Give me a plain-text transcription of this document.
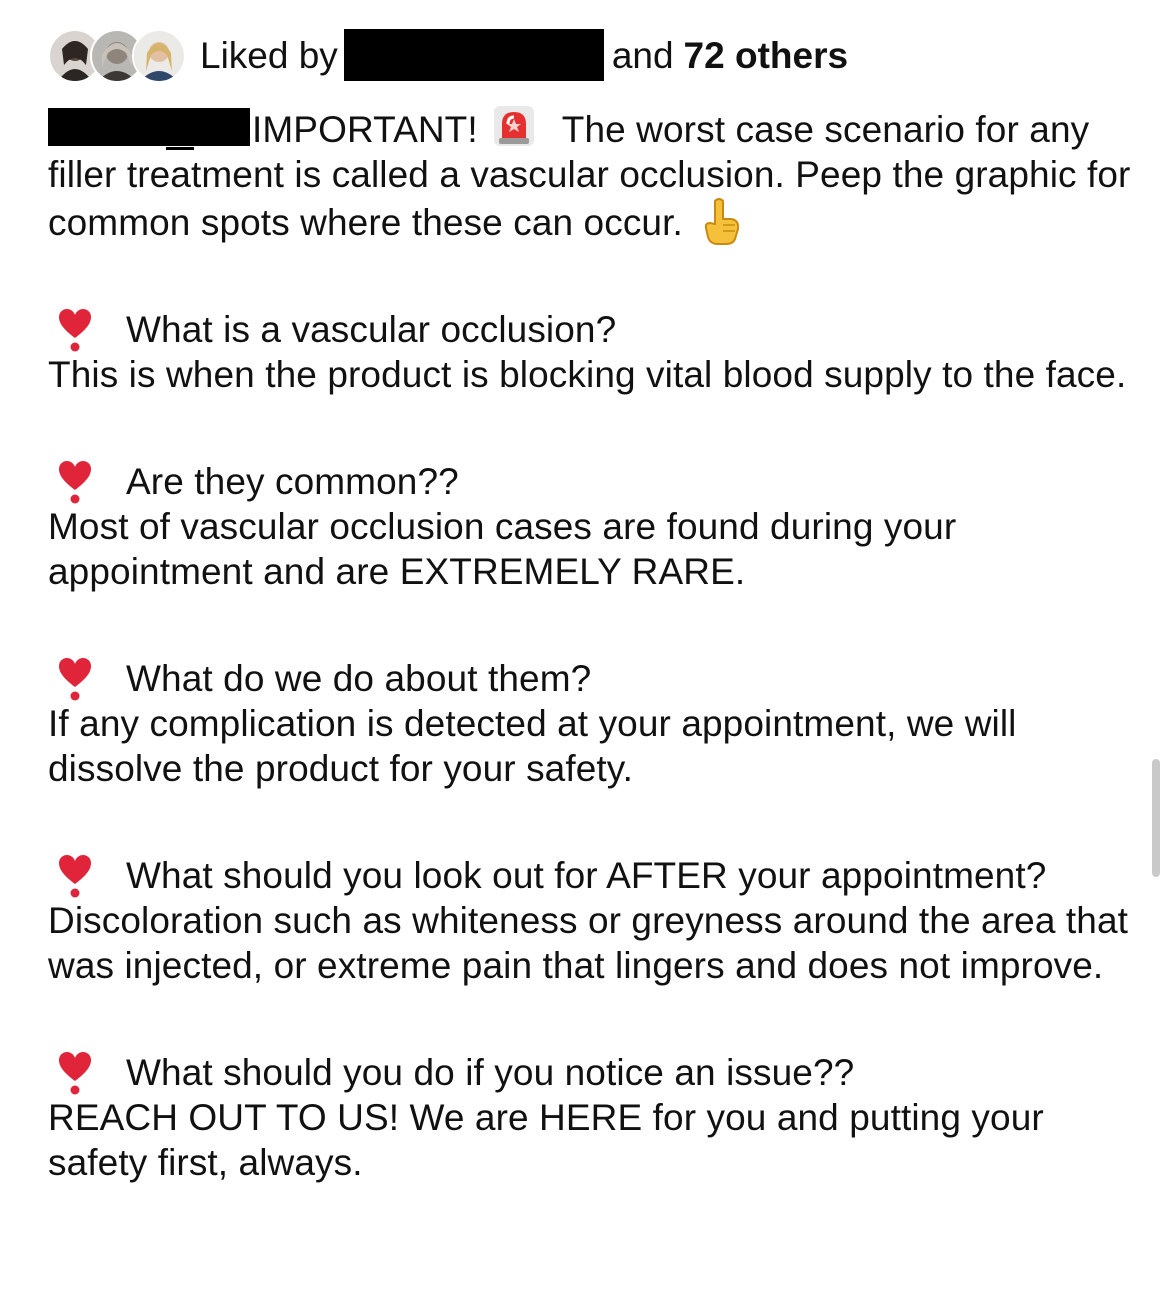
Liked by	and 72 others

IMPORTANT! The worst case scenario for any filler treatment is called a vascular occlusion. Peep the graphic for common spots where these can occur.

What is a vascular occlusion?

This is when the product is blocking vital blood supply to the face.

Are they common??

Most of vascular occlusion cases are found during your appointment and are EXTREMELY RARE.

What do we do about them?

If any complication is detected at your appointment, we will dissolve the product for your safety.

What should you look out for AFTER your appointment?

Discoloration such as whiteness or greyness around the area that was injected, or extreme pain that lingers and does not improve.

What should you do if you notice an issue??

REACH OUT TO US! We are HERE for you and putting your safety first, always.
